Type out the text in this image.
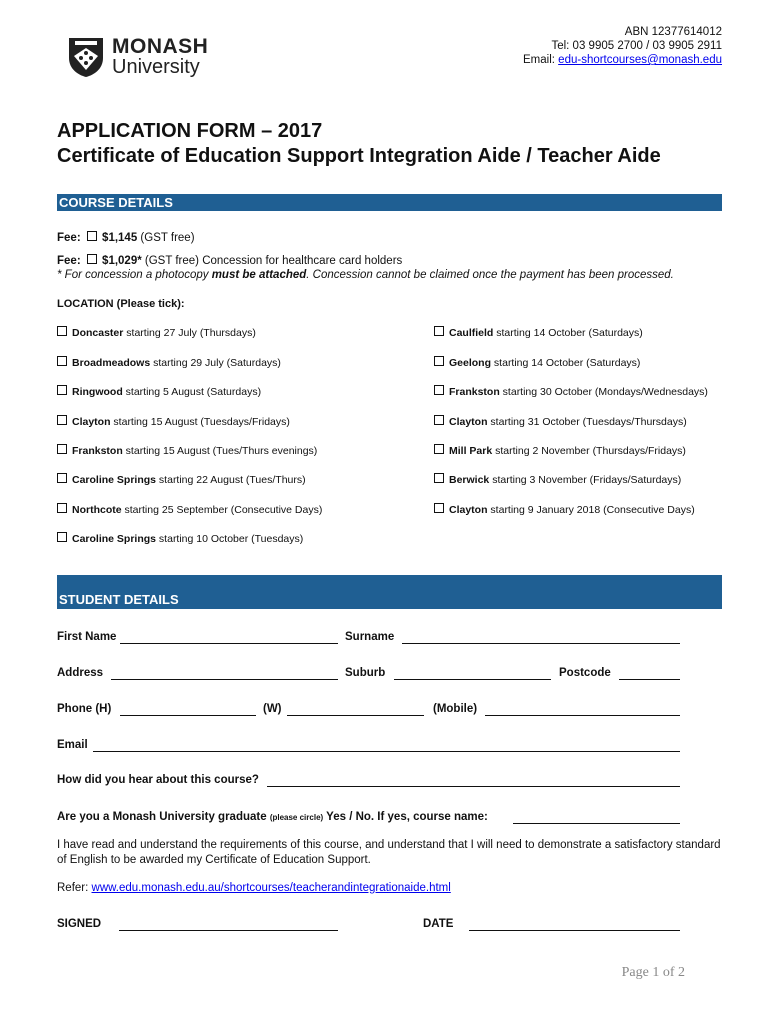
MONASH
University
ABN 12377614012
Tel: 03 9905 2700 / 03 9905 2911
Email: edu-shortcourses@monash.edu
APPLICATION FORM – 2017
Certificate of Education Support Integration Aide / Teacher Aide
COURSE DETAILS
Fee: $1,145 (GST free)
Fee: $1,029* (GST free) Concession for healthcare card holders
* For concession a photocopy must be attached. Concession cannot be claimed once the payment has been processed.
LOCATION (Please tick):
Doncaster starting 27 July (Thursdays)
Broadmeadows starting 29 July (Saturdays)
Ringwood starting 5 August (Saturdays)
Clayton starting 15 August (Tuesdays/Fridays)
Frankston starting 15 August (Tues/Thurs evenings)
Caroline Springs starting 22 August (Tues/Thurs)
Northcote starting 25 September (Consecutive Days)
Caroline Springs starting 10 October (Tuesdays)
Caulfield starting 14 October (Saturdays)
Geelong starting 14 October (Saturdays)
Frankston starting 30 October (Mondays/Wednesdays)
Clayton starting 31 October (Tuesdays/Thursdays)
Mill Park starting 2 November (Thursdays/Fridays)
Berwick starting 3 November (Fridays/Saturdays)
Clayton starting 9 January 2018 (Consecutive Days)
STUDENT DETAILS
First Name	Surname
Address	Suburb	Postcode
Phone (H)	(W)	(Mobile)
Email
How did you hear about this course?
Are you a Monash University graduate (please circle) Yes / No. If yes, course name:
I have read and understand the requirements of this course, and understand that I will need to demonstrate a satisfactory standard of English to be awarded my Certificate of Education Support.
Refer: www.edu.monash.edu.au/shortcourses/teacherandintegrationaide.html
SIGNED	DATE
Page 1 of 2
